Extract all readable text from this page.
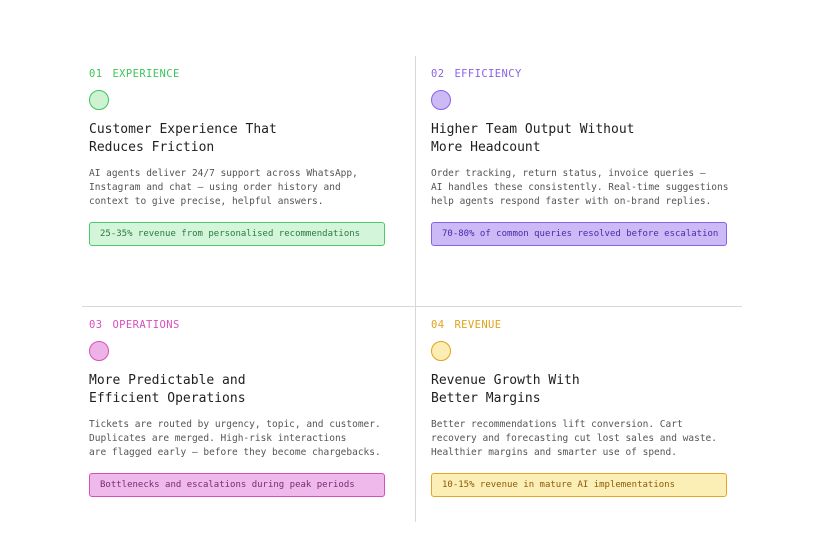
01 EXPERIENCE
Customer Experience That
Reduces Friction
AI agents deliver 24/7 support across WhatsApp,
Instagram and chat — using order history and
context to give precise, helpful answers.
25-35% revenue from personalised recommendations
02 EFFICIENCY
Higher Team Output Without
More Headcount
Order tracking, return status, invoice queries —
AI handles these consistently. Real-time suggestions
help agents respond faster with on-brand replies.
70-80% of common queries resolved before escalation
03 OPERATIONS
More Predictable and
Efficient Operations
Tickets are routed by urgency, topic, and customer.
Duplicates are merged. High-risk interactions
are flagged early — before they become chargebacks.
Bottlenecks and escalations during peak periods
04 REVENUE
Revenue Growth With
Better Margins
Better recommendations lift conversion. Cart
recovery and forecasting cut lost sales and waste.
Healthier margins and smarter use of spend.
10-15% revenue in mature AI implementations
